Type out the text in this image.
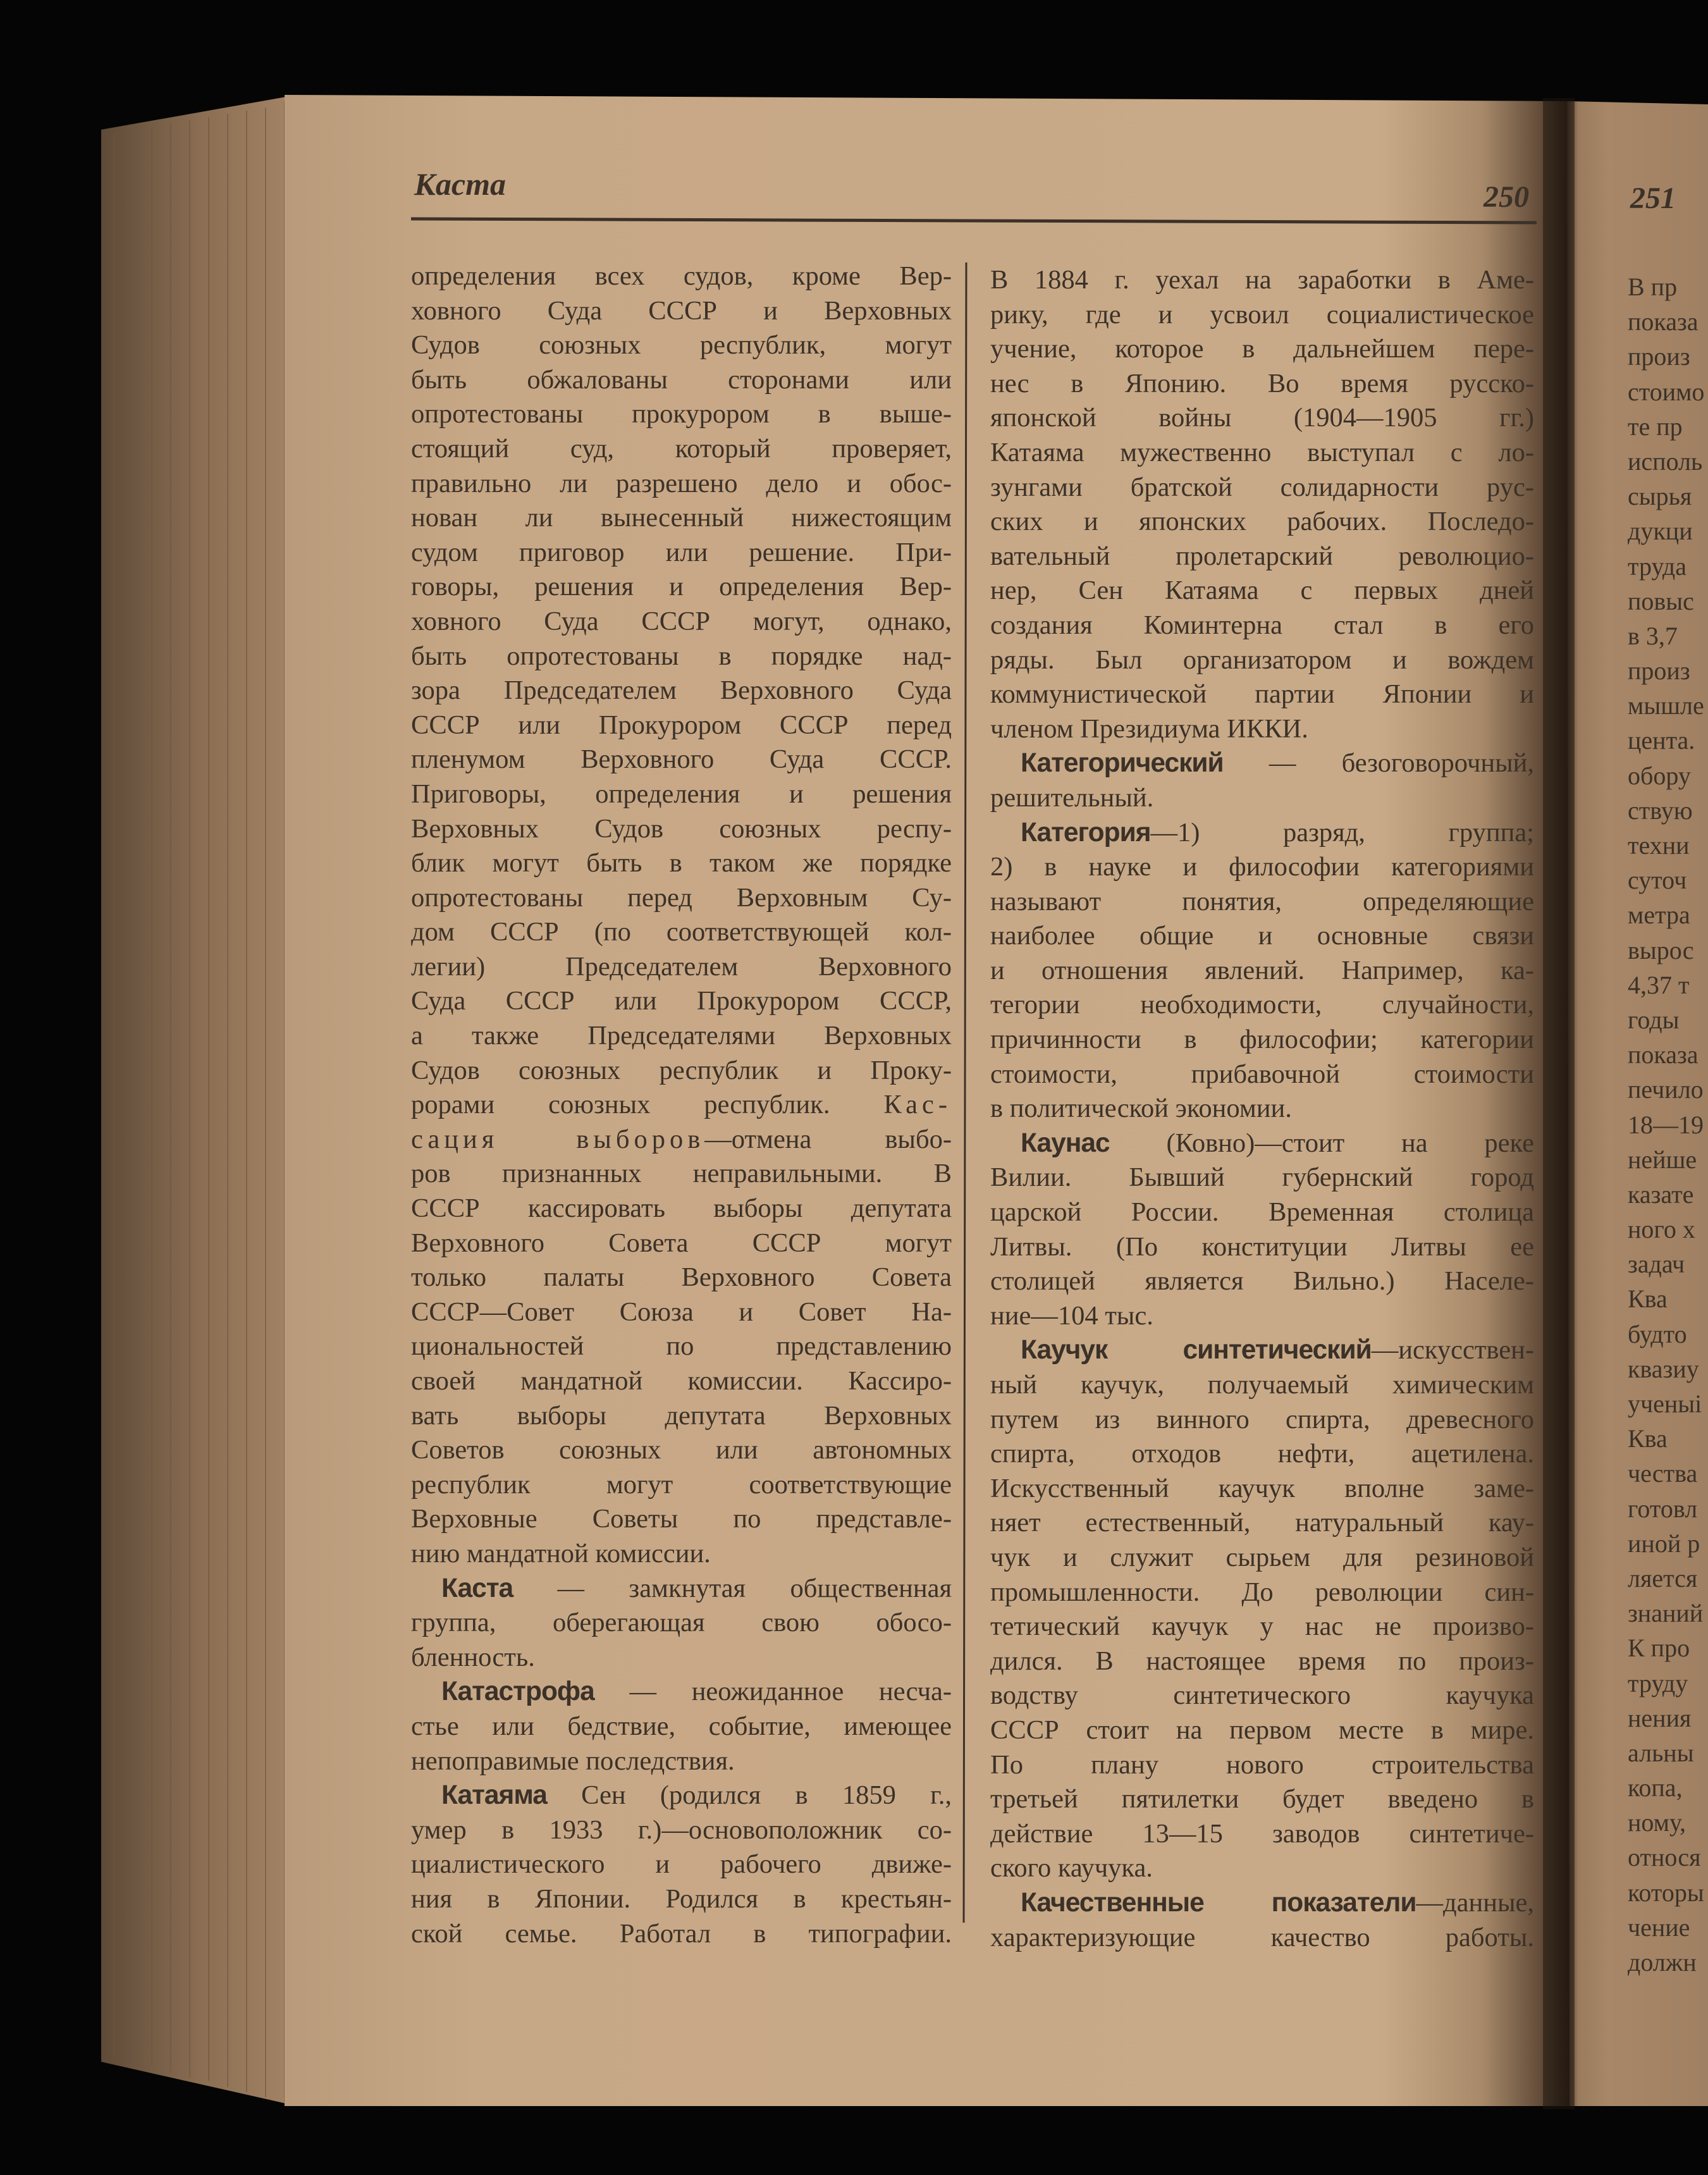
Каста	250	251
определения всех судов, кроме Вер-
ховного Суда СССР и Верховных
Судов союзных республик, могут
быть обжалованы сторонами или
опротестованы прокурором в выше-
стоящий суд, который проверяет,
правильно ли разрешено дело и обос-
нован ли вынесенный нижестоящим
судом приговор или решение. При-
говоры, решения и определения Вер-
ховного Суда СССР могут, однако,
быть опротестованы в порядке над-
зора Председателем Верховного Суда
СССР или Прокурором СССР перед
пленумом Верховного Суда СССР.
Приговоры, определения и решения
Верховных Судов союзных респу-
блик могут быть в таком же порядке
опротестованы перед Верховным Су-
дом СССР (по соответствующей кол-
легии) Председателем Верховного
Суда СССР или Прокурором СССР,
а также Председателями Верховных
Судов союзных республик и Проку-
рорами союзных республик. Кас-
сация выборов—отмена выбо-
ров признанных неправильными. В
СССР кассировать выборы депутата
Верховного Совета СССР могут
только палаты Верховного Совета
СССР—Совет Союза и Совет На-
циональностей по представлению
своей мандатной комиссии. Кассиро-
вать выборы депутата Верховных
Советов союзных или автономных
республик могут соответствующие
Верховные Советы по представле-
нию мандатной комиссии.
Каста — замкнутая общественная
группа, оберегающая свою обосо-
бленность.
Катастрофа — неожиданное несча-
стье или бедствие, событие, имеющее
непоправимые последствия.
Катаяма Сен (родился в 1859 г.,
умер в 1933 г.)—основоположник со-
циалистического и рабочего движе-
ния в Японии. Родился в крестьян-
ской семье. Работал в типографии.
В 1884 г. уехал на заработки в Аме-
рику, где и усвоил социалистическое
учение, которое в дальнейшем пере-
нес в Японию. Во время русско-
японской войны (1904—1905 гг.)
Катаяма мужественно выступал с ло-
зунгами братской солидарности рус-
ских и японских рабочих. Последо-
вательный пролетарский революцио-
нер, Сен Катаяма с первых дней
создания Коминтерна стал в его
ряды. Был организатором и вождем
коммунистической партии Японии и
членом Президиума ИККИ.
Категорический — безоговорочный,
решительный.
Категория—1) разряд, группа;
2) в науке и философии категориями
называют понятия, определяющие
наиболее общие и основные связи
и отношения явлений. Например, ка-
тегории необходимости, случайности,
причинности в философии; категории
стоимости, прибавочной стоимости
в политической экономии.
Каунас (Ковно)—стоит на реке
Вилии. Бывший губернский город
царской России. Временная столица
Литвы. (По конституции Литвы ее
столицей является Вильно.) Населе-
ние—104 тыс.
Каучук синтетический—искусствен-
ный каучук, получаемый химическим
путем из винного спирта, древесного
спирта, отходов нефти, ацетилена.
Искусственный каучук вполне заме-
няет естественный, натуральный кау-
чук и служит сырьем для резиновой
промышленности. До революции син-
тетический каучук у нас не произво-
дился. В настоящее время по произ-
водству синтетического каучука
СССР стоит на первом месте в мире.
По плану нового строительства
третьей пятилетки будет введено в
действие 13—15 заводов синтетиче-
ского каучука.
Качественные показатели—данные,
характеризующие качество работы.
В пр
показа
произ
стоимо
те пр
исполь
сырья
дукци
труда
повыс
в 3,7
произ
мышле
цента.
обору
ствую
техни
суточ
метра
вырос
4,37 т
годы
показа
печило
18—19
нейше
казате
ного х
задач
Ква
будто
квазиу
ученыі
Ква
чества
готовл
иной р
ляется
знаний
К про
труду
нения
альны
копа,
ному,
относя
которы
чение
должн
